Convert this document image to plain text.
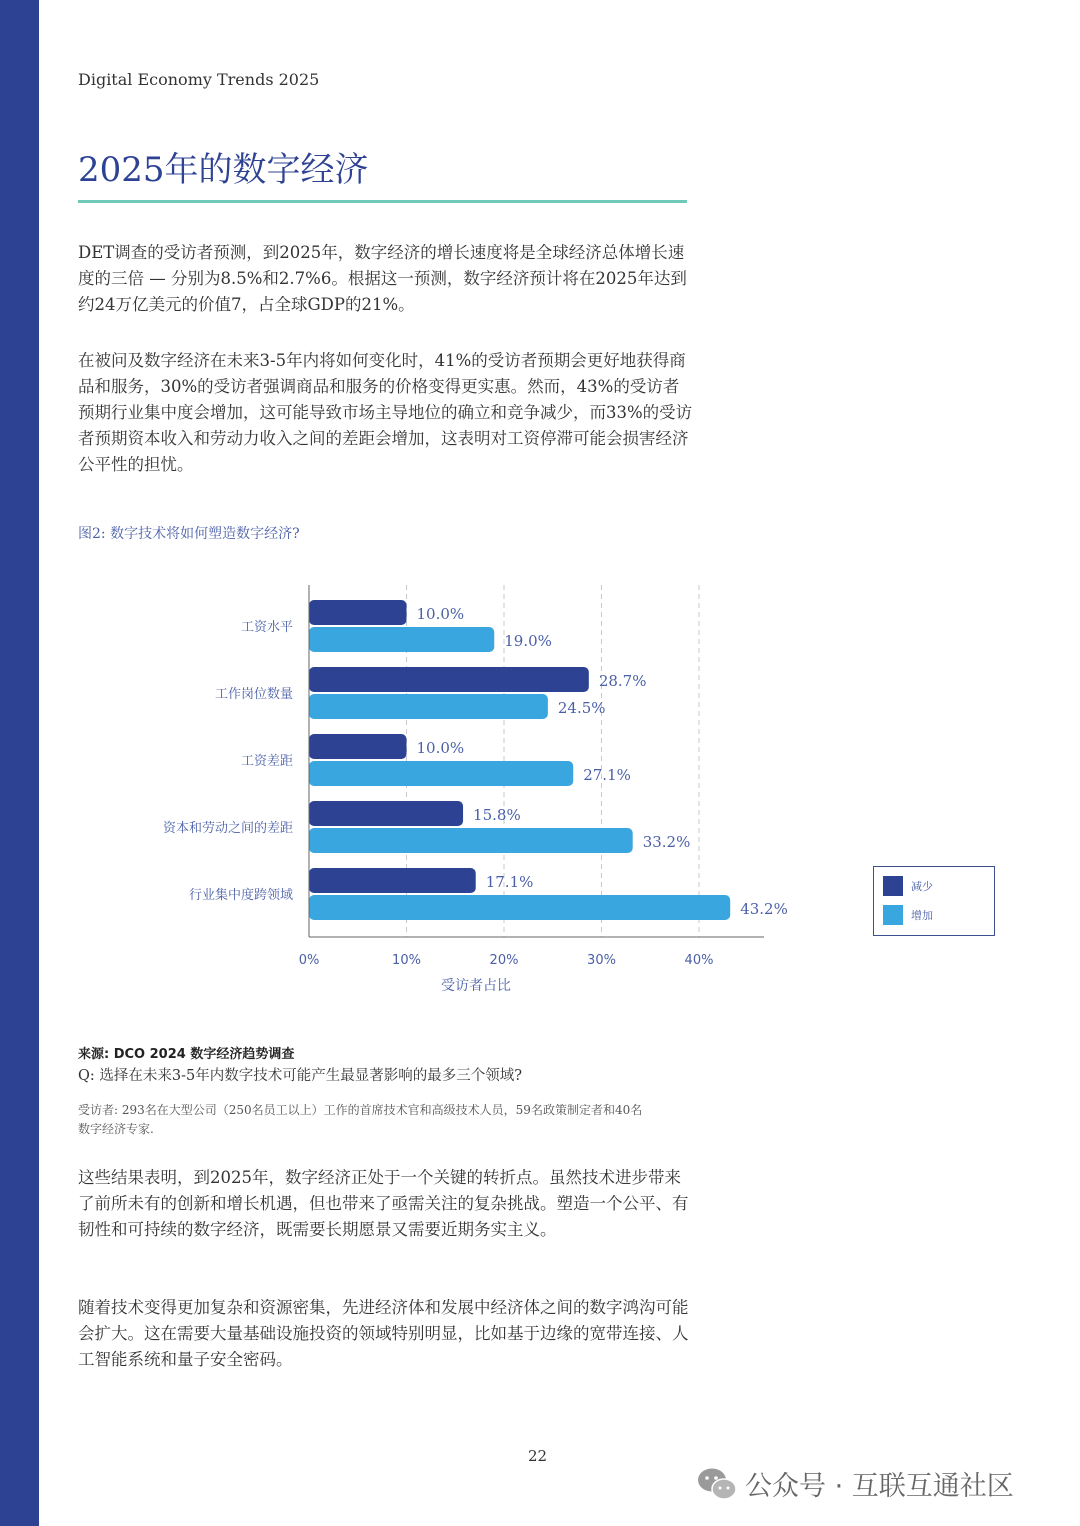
Digital Economy Trends 2025
2025年的数字经济

DET调查的受访者预测，到2025年，数字经济的增长速度将是全球经济总体增长速度的三倍 — 分别为8.5%和2.7%6。根据这一预测，数字经济预计将在2025年达到约24万亿美元的价值7，占全球GDP的21%。

在被问及数字经济在未来3-5年内将如何变化时，41%的受访者预期会更好地获得商品和服务，30%的受访者强调商品和服务的价格变得更实惠。然而，43%的受访者预期行业集中度会增加，这可能导致市场主导地位的确立和竞争减少，而33%的受访者预期资本收入和劳动力收入之间的差距会增加，这表明对工资停滞可能会损害经济公平性的担忧。

图2: 数字技术将如何塑造数字经济?
10.0%
19.0%
工资水平
28.7%
24.5%
工作岗位数量
10.0%
27.1%
工资差距
15.8%
33.2%
资本和劳动之间的差距
17.1%
43.2%
行业集中度跨领域
0%	10%	20%	30%	40%
受访者占比
减少
增加
来源: DCO 2024 数字经济趋势调查
Q: 选择在未来3-5年内数字技术可能产生最显著影响的最多三个领域?

受访者: 293名在大型公司（250名员工以上）工作的首席技术官和高级技术人员，59名政策制定者和40名数字经济专家.

这些结果表明，到2025年，数字经济正处于一个关键的转折点。虽然技术进步带来了前所未有的创新和增长机遇，但也带来了亟需关注的复杂挑战。塑造一个公平、有韧性和可持续的数字经济，既需要长期愿景又需要近期务实主义。

随着技术变得更加复杂和资源密集，先进经济体和发展中经济体之间的数字鸿沟可能会扩大。这在需要大量基础设施投资的领域特别明显，比如基于边缘的宽带连接、人工智能系统和量子安全密码。

22
公众号 · 互联互通社区
